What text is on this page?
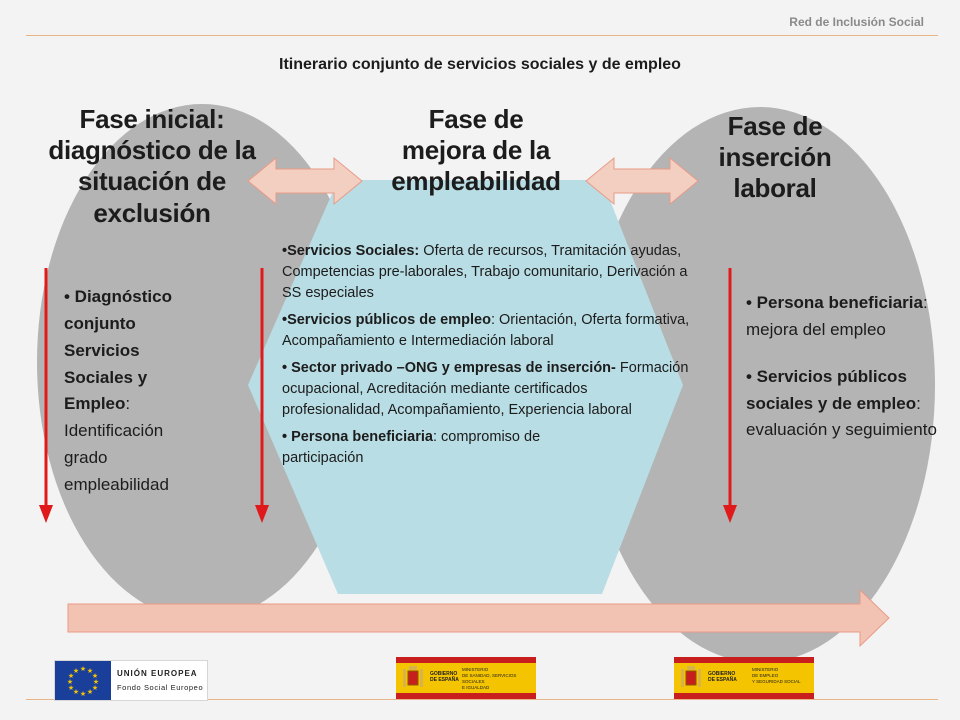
Red de Inclusión Social
Itinerario conjunto de servicios sociales y de empleo
Fase inicial:
diagnóstico de la
situación de
exclusión
Fase de
mejora de la
empleabilidad
Fase de
inserción
laboral
• Diagnóstico conjunto Servicios Sociales y Empleo: Identificación grado empleabilidad

•Servicios Sociales: Oferta de recursos, Tramitación ayudas, Competencias pre-laborales, Trabajo comunitario, Derivación a SS especiales

•Servicios públicos de empleo: Orientación, Oferta formativa, Acompañamiento e Intermediación laboral

• Sector privado –ONG y empresas de inserción- Formación ocupacional, Acreditación mediante certificados profesionalidad, Acompañamiento, Experiencia laboral

• Persona beneficiaria: compromiso de participación

• Persona beneficiaria: mejora del empleo
• Servicios públicos sociales y de empleo: evaluación y seguimiento
★ ★
★
★
★
★
★
★
★
★
★
★	UNIÓN EUROPEA
Fondo Social Europeo
GOBIERNO
DE ESPAÑA
MINISTERIO
DE SANIDAD, SERVICIOS SOCIALES
E IGUALDAD
GOBIERNO
DE ESPAÑA
MINISTERIO
DE EMPLEO
Y SEGURIDAD SOCIAL
